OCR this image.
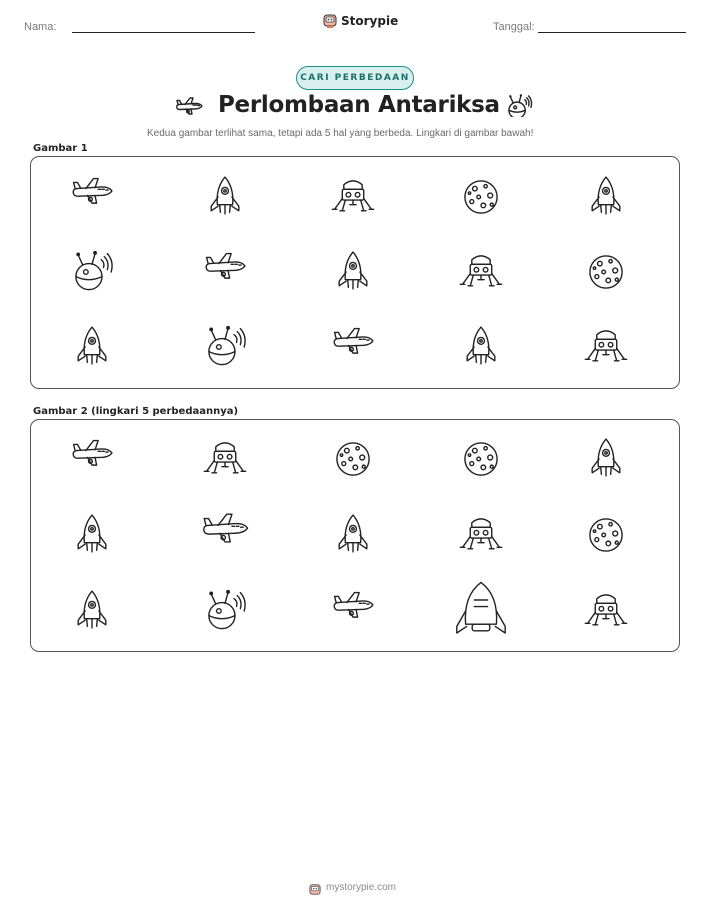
Nama:	Storypie	Tanggal:
CARI PERBEDAAN
Perlombaan Antariksa
Kedua gambar terlihat sama, tetapi ada 5 hal yang berbeda. Lingkari di gambar bawah!
Gambar 1
Gambar 2 (lingkari 5 perbedaannya)
mystorypie.com
